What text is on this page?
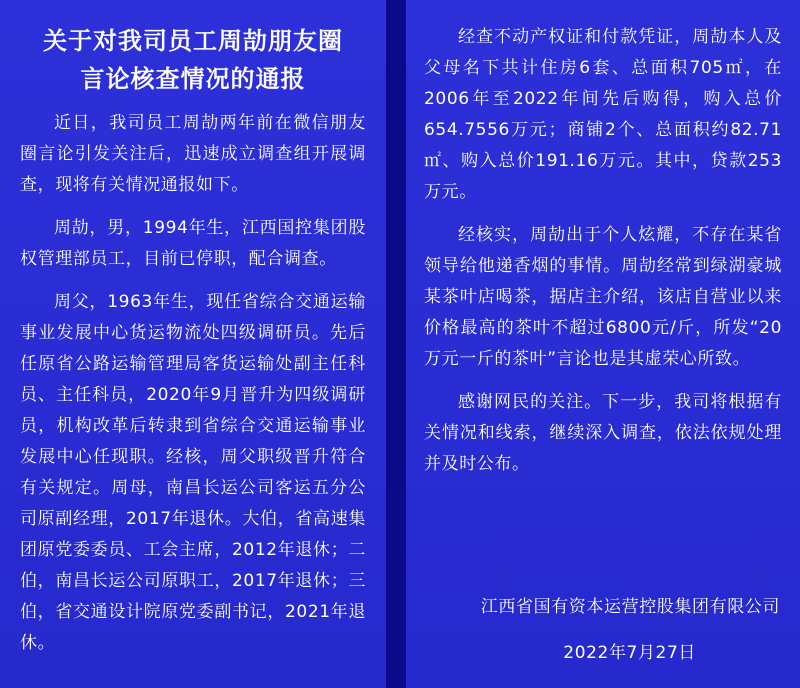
关于对我司员工周劼朋友圈
言论核查情况的通报

近日，我司员工周劼两年前在微信朋友圈言论引发关注后，迅速成立调查组开展调查，现将有关情况通报如下。

周劼，男，1994年生，江西国控集团股权管理部员工，目前已停职，配合调查。

周父，1963年生，现任省综合交通运输事业发展中心货运物流处四级调研员。先后任原省公路运输管理局客货运输处副主任科员、主任科员，2020年9月晋升为四级调研员，机构改革后转隶到省综合交通运输事业发展中心任现职。经核，周父职级晋升符合有关规定。周母，南昌长运公司客运五分公司原副经理，2017年退休。大伯，省高速集团原党委委员、工会主席，2012年退休；二伯，南昌长运公司原职工，2017年退休；三伯，省交通设计院原党委副书记，2021年退休。

经查不动产权证和付款凭证，周劼本人及父母名下共计住房6套、总面积705㎡，在2006年至2022年间先后购得，购入总价654.7556万元；商铺2个、总面积约82.71㎡、购入总价191.16万元。其中，贷款253万元。

经核实，周劼出于个人炫耀，不存在某省领导给他递香烟的事情。周劼经常到绿湖豪城某茶叶店喝茶，据店主介绍，该店自营业以来价格最高的茶叶不超过6800元/斤，所发“20万元一斤的茶叶”言论也是其虚荣心所致。

感谢网民的关注。下一步，我司将根据有关情况和线索，继续深入调查，依法依规处理并及时公布。

江西省国有资本运营控股集团有限公司
2022年7月27日
